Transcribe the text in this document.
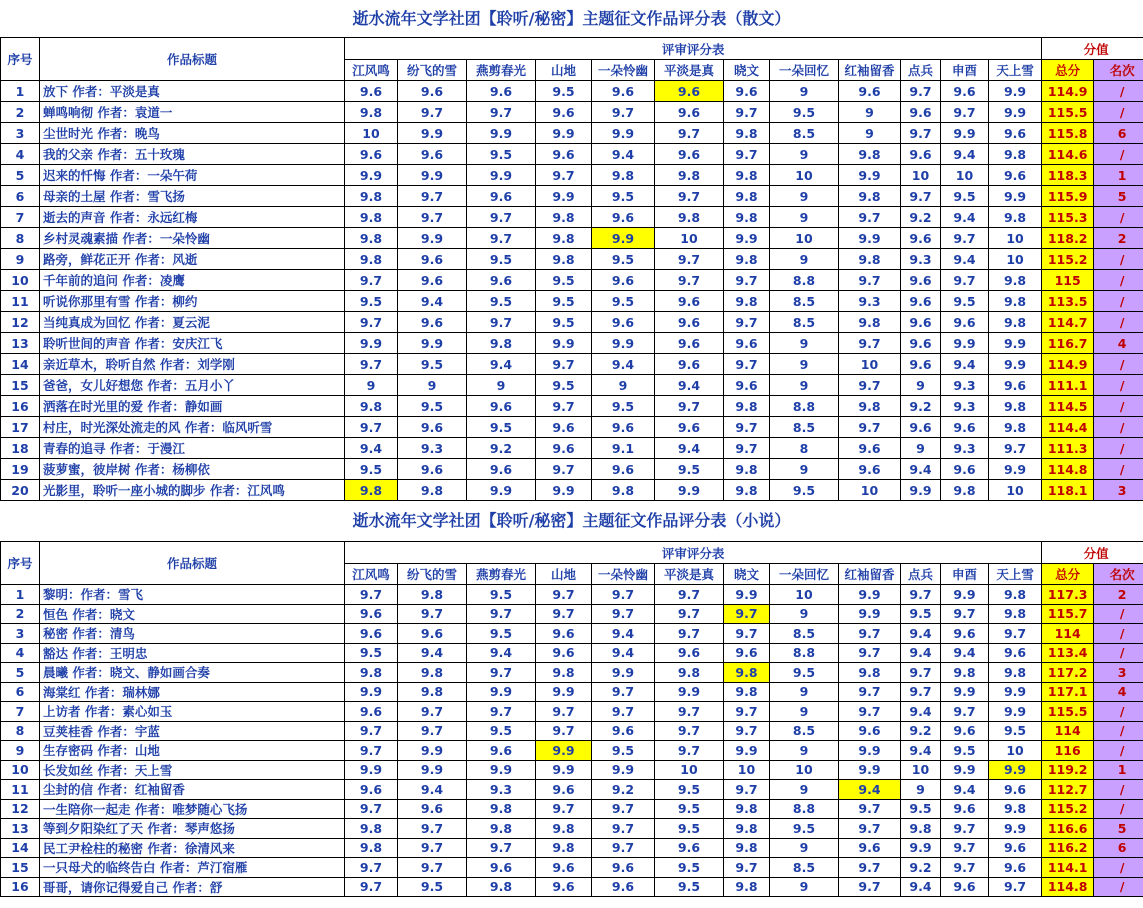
逝水流年文学社团【聆听/秘密】主题征文作品评分表（散文）
序号	作品标题	评审评分表												分值	
		江风鸣	纷飞的雪	燕剪春光	山地	一朵怜幽	平淡是真	晓文	一朵回忆	红袖留香	点兵	申酉	天上雪	总分	名次
1	放下 作者：平淡是真	9.6	9.6	9.6	9.5	9.6	9.6	9.6	9	9.6	9.7	9.6	9.9	114.9	/
2	蝉鸣响彻 作者：袁道一	9.8	9.7	9.7	9.6	9.7	9.6	9.7	9.5	9	9.6	9.7	9.9	115.5	/
3	尘世时光 作者：晚鸟	10	9.9	9.9	9.9	9.9	9.7	9.8	8.5	9	9.7	9.9	9.6	115.8	6
4	我的父亲 作者：五十玫瑰	9.6	9.6	9.5	9.6	9.4	9.6	9.7	9	9.8	9.6	9.4	9.8	114.6	/
5	迟来的忏悔 作者：一朵午荷	9.9	9.9	9.9	9.7	9.8	9.8	9.8	10	9.9	10	10	9.6	118.3	1
6	母亲的土屋 作者：雪飞扬	9.8	9.7	9.6	9.9	9.5	9.7	9.8	9	9.8	9.7	9.5	9.9	115.9	5
7	逝去的声音 作者：永远红梅	9.8	9.7	9.7	9.8	9.6	9.8	9.8	9	9.7	9.2	9.4	9.8	115.3	/
8	乡村灵魂素描 作者：一朵怜幽	9.8	9.9	9.7	9.8	9.9	10	9.9	10	9.9	9.6	9.7	10	118.2	2
9	路旁，鲜花正开 作者：风逝	9.8	9.6	9.5	9.8	9.5	9.7	9.8	9	9.8	9.3	9.4	10	115.2	/
10	千年前的追问 作者：凌鹰	9.7	9.6	9.6	9.5	9.6	9.7	9.7	8.8	9.7	9.6	9.7	9.8	115	/
11	听说你那里有雪 作者：柳约	9.5	9.4	9.5	9.5	9.5	9.6	9.8	8.5	9.3	9.6	9.5	9.8	113.5	/
12	当纯真成为回忆 作者：夏云泥	9.7	9.6	9.7	9.5	9.6	9.6	9.7	8.5	9.8	9.6	9.6	9.8	114.7	/
13	聆听世间的声音 作者：安庆江飞	9.9	9.9	9.8	9.9	9.9	9.6	9.6	9	9.7	9.6	9.9	9.9	116.7	4
14	亲近草木，聆听自然 作者：刘学刚	9.7	9.5	9.4	9.7	9.4	9.6	9.7	9	10	9.6	9.4	9.9	114.9	/
15	爸爸，女儿好想您 作者：五月小丫	9	9	9	9.5	9	9.4	9.6	9	9.7	9	9.3	9.6	111.1	/
16	洒落在时光里的爱 作者：静如画	9.8	9.5	9.6	9.7	9.5	9.7	9.8	8.8	9.8	9.2	9.3	9.8	114.5	/
17	村庄，时光深处流走的风 作者：临风听雪	9.7	9.6	9.5	9.6	9.6	9.6	9.7	8.5	9.7	9.6	9.6	9.8	114.4	/
18	青春的追寻 作者：于漫江	9.4	9.3	9.2	9.6	9.1	9.4	9.7	8	9.6	9	9.3	9.7	111.3	/
19	菠萝蜜，彼岸树 作者：杨柳依	9.5	9.6	9.6	9.7	9.6	9.5	9.8	9	9.6	9.4	9.6	9.9	114.8	/
20	光影里，聆听一座小城的脚步 作者：江风鸣	9.8	9.8	9.9	9.9	9.8	9.9	9.8	9.5	10	9.9	9.8	10	118.1	3
逝水流年文学社团【聆听/秘密】主题征文作品评分表（小说）
序号	作品标题	评审评分表												分值	
		江风鸣	纷飞的雪	燕剪春光	山地	一朵怜幽	平淡是真	晓文	一朵回忆	红袖留香	点兵	申酉	天上雪	总分	名次
1	黎明：作者：雪飞	9.7	9.8	9.5	9.7	9.7	9.7	9.9	10	9.9	9.7	9.9	9.8	117.3	2
2	恒色 作者：晓文	9.6	9.7	9.7	9.7	9.7	9.7	9.7	9	9.9	9.5	9.7	9.8	115.7	/
3	秘密 作者：清鸟	9.6	9.6	9.5	9.6	9.4	9.7	9.7	8.5	9.7	9.4	9.6	9.7	114	/
4	豁达 作者：王明忠	9.5	9.4	9.4	9.6	9.4	9.6	9.6	8.8	9.7	9.4	9.4	9.6	113.4	/
5	晨曦 作者：晓文、静如画合奏	9.8	9.8	9.7	9.8	9.9	9.8	9.8	9.5	9.8	9.7	9.8	9.8	117.2	3
6	海棠红 作者：瑞林娜	9.9	9.8	9.9	9.9	9.7	9.9	9.8	9	9.7	9.7	9.9	9.9	117.1	4
7	上访者 作者：素心如玉	9.6	9.7	9.7	9.7	9.7	9.7	9.7	9	9.7	9.4	9.7	9.9	115.5	/
8	豆荚桂香 作者：宇蓝	9.7	9.7	9.5	9.7	9.6	9.7	9.7	8.5	9.6	9.2	9.6	9.5	114	/
9	生存密码 作者：山地	9.7	9.9	9.6	9.9	9.5	9.7	9.9	9	9.9	9.4	9.5	10	116	/
10	长发如丝 作者：天上雪	9.9	9.9	9.9	9.9	9.9	10	10	10	9.9	10	9.9	9.9	119.2	1
11	尘封的信 作者：红袖留香	9.6	9.4	9.3	9.6	9.2	9.5	9.7	9	9.4	9	9.4	9.6	112.7	/
12	一生陪你一起走 作者：唯梦随心飞扬	9.7	9.6	9.8	9.7	9.7	9.5	9.8	8.8	9.7	9.5	9.6	9.8	115.2	/
13	等到夕阳染红了天 作者：琴声悠扬	9.8	9.7	9.8	9.8	9.7	9.5	9.8	9.5	9.7	9.8	9.7	9.9	116.6	5
14	民工尹栓柱的秘密 作者：徐清风来	9.8	9.7	9.7	9.8	9.7	9.6	9.8	9	9.6	9.9	9.7	9.6	116.2	6
15	一只母犬的临终告白 作者：芦汀宿雁	9.7	9.7	9.6	9.6	9.6	9.5	9.7	8.5	9.7	9.2	9.7	9.6	114.1	/
16	哥哥，请你记得爱自己 作者：舒	9.7	9.5	9.8	9.6	9.6	9.5	9.8	9	9.7	9.4	9.6	9.7	114.8	/
